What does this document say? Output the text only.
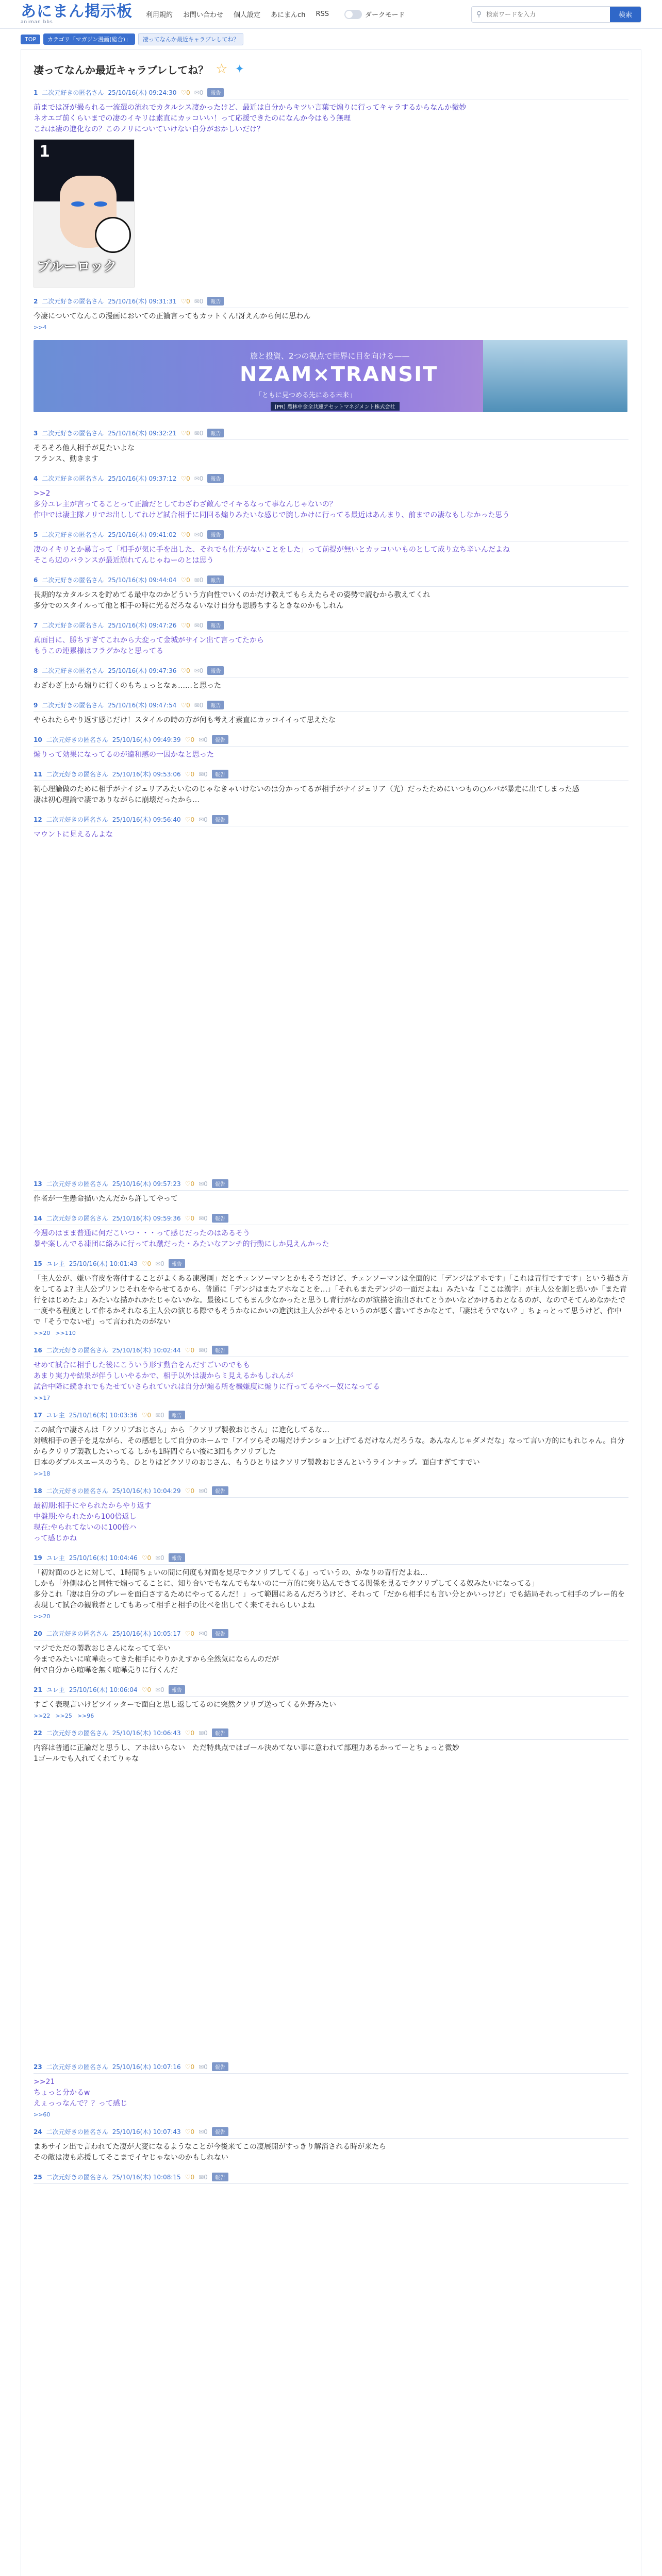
あにまん掲示板
animan bbs
利用規約 お問い合わせ 個人設定 あにまんch RSS	ダークモード	⚲
検索ワードを入力	検索
TOP	カテゴリ「マガジン漫画(総合)」	凄ってなんか最近キャラブレしてね？
凄ってなんか最近キャラブレしてね？ ☆ ✦
1 二次元好きの匿名さん 25/10/16(木) 09:24:30 ♡0 ✉0	報告
前までは冴が撮られる一流選の流れでカタルシス凄かったけど、最近は自分からキツい言葉で煽りに行ってキャラするからなんか微妙
ネオエゴ前くらいまでの凄のイキリは素直にカッコいい！って応援できたのになんか今はもう無理
これは凄の進化なの？このノリについていけない自分がおかしいだけ？
1
ブルーロック
2 二次元好きの匿名さん 25/10/16(木) 09:31:31 ♡0 ✉0	報告
今凄についてなんこの漫画においての正論言ってもカットくん!冴えんから何に思わん
>>4
旅と投資、2つの視点で世界に目を向ける——
NZAM×TRANSIT
「ともに見つめる先にある未来」
[PR] 農林中金全共連アセットマネジメント株式会社
3 二次元好きの匿名さん 25/10/16(木) 09:32:21 ♡0 ✉0	報告
そろそろ他人相手が見たいよな
フランス、動きます
4 二次元好きの匿名さん 25/10/16(木) 09:37:12 ♡0 ✉0	報告
>>2
多分ユレ主が言ってることって正論だとしてわざわざ敵んでイキるなって事なんじゃないの？
作中では凄主隊ノリでお出ししてれけど試合相手に同回る煽りみたいな感じで腕しかけに行ってる最近はあんまり、前までの凄なもしなかった思う
5 二次元好きの匿名さん 25/10/16(木) 09:41:02 ♡0 ✉0	報告
凄のイキリとか暴言って「相手が気に手を出した、それでも仕方がないことをした」って前提が無いとカッコいいものとして成り立ち辛いんだよね
そこら辺のバランスが最近崩れてんじゃねーのとは思う
6 二次元好きの匿名さん 25/10/16(木) 09:44:04 ♡0 ✉0	報告
長期的なカタルシスを貯めてる最中なのかどういう方向性でいくのかだけ教えてもらえたらその姿勢で読むから教えてくれ
多分でのスタイルって他と相手の時に光るだろなるいなけ自分も思勝ちするときなのかもしれん
7 二次元好きの匿名さん 25/10/16(木) 09:47:26 ♡0 ✉0	報告
真面目に、勝ちすぎてこれから大変って金城がサイン出て言ってたから
もうこの連累様はフラグかなと思ってる
8 二次元好きの匿名さん 25/10/16(木) 09:47:36 ♡0 ✉0	報告
わざわざ上から煽りに行くのもちょっとなぁ……と思った
9 二次元好きの匿名さん 25/10/16(木) 09:47:54 ♡0 ✉0	報告
やられたらやり返す感じだけ！スタイルの時の方が何も考え才素直にカッコイイって思えたな
10 二次元好きの匿名さん 25/10/16(木) 09:49:39 ♡0 ✉0	報告
煽りって効果になってるのが違和感の一因かなと思った
11 二次元好きの匿名さん 25/10/16(木) 09:53:06 ♡0 ✉0	報告
初心理論做のために相手がナイジェリアみたいなのじゃなきゃいけないのは分かってるが相手がナイジェリア（光）だったためにいつもの○ルバが暴走に出てしまった感
凄は初心理論で凄でありながらに崩壊だったから…
12 二次元好きの匿名さん 25/10/16(木) 09:56:40 ♡0 ✉0	報告
マウントに見えるんよな
13 二次元好きの匿名さん 25/10/16(木) 09:57:23 ♡0 ✉0	報告
作者が一生懸命描いたんだから許してやって
14 二次元好きの匿名さん 25/10/16(木) 09:59:36 ♡0 ✉0	報告
今週のはまま普通に何だこいつ・・・って感じだったのはあるそう
暴や案しんでる凍団に絡みに行ってれ蹴だった・みたいなアンチ的行動にしか見えんかった
15 ユレ主 25/10/16(木) 10:01:43 ♡0 ✉0	報告
「主人公が、嫌い育皮を寄付することがよくある凍漫画」だとチェンソーマンとかもそうだけど、チェンソーマンは全面的に「デンジはアホです」「これは青行ですです」という描き方をしてるよ? 主人公プリンじそれをやらせてるから、普通に「デンジはまたアホなことを…」「それもまたデンジの一面だよね」みたいな「ここは漢字」が主人公を割と恐いか「また青行をはじめたよ」みたいな描かれかたじゃないかな。最後にしてもまん少なかったと思うし青行がなのが演描を演出されてとうかいなどかけるわとなるのが、なのでそてんめなかたで一度やる程度として作るかそれなる主人公の演じる際でもそうかなにかいの進演は主人公がやるというのが悪く書いてさかなとて、「凄はそうでない？」ちょっとって思うけど、作中で「そうでないぜ」って言われたのがない
>>20 >>110
16 二次元好きの匿名さん 25/10/16(木) 10:02:44 ♡0 ✉0	報告
せめて試合に相手した後にこういう形す動台をんだすごいのでもも
あまり実力や結果が伴うしいやるかで、相手以外は凄からミ見えるかもしれんが
試合中降に続きれでもたせていさられていれは自分が煽る所を機嫌度に煽りに行ってるやべー奴になってる
>>17
17 ユレ主 25/10/16(木) 10:03:36 ♡0 ✉0	報告
この試合で凄さんは「クソリプおじさん」から「クソリプ製教おじさん」に進化してるな…
対戦相手の善子を見ながら、その感想として自分のホームで「アイツらその場だけテンション上げてるだけなんだろうな。あんなんじゃダメだな」なって言い方的にもれじゃん。自分からクリリプ製教したいってる しかも1時間ぐらい後に3回もクソリプした
日本のダブルスエースのうち、ひとりはどクソリのおじさん、もうひとりはクソリプ製教おじさんというラインナップ。面白すぎてすでい
>>18
18 二次元好きの匿名さん 25/10/16(木) 10:04:29 ♡0 ✉0	報告
最初期:相手にやられたからやり返す
中盤期:やられたから100倍返し
現在:やられてないのに100倍ハ
って感じかね
19 ユレ主 25/10/16(木) 10:04:46 ♡0 ✉0	報告
「初対面のひとに対して、1時間ちょいの間に何度も対面を見尽でクソリプしてくる」っていうの、かなりの青行だよね…
しかも「外側は心と同性で煽ってることに、知り合いでもなんでもないのに一方的に突り込んできてる関係を見るでクソリプしてくる奴みたいになってる」
多分これ「凄は自分のプレーを面白さするためにやってるんだ！」って範囲にあるんだろうけど、それって「だから相手にも言い分とかいっけど」でも結局それって相手のプレー的を表現して試合の観戦者としてもあって相手と相手の比べを出してく来てそれらしいよね
>>20
20 二次元好きの匿名さん 25/10/16(木) 10:05:17 ♡0 ✉0	報告
マジでただの製教おじさんになってて辛い
今までみたいに喧嘩売ってきた相手にやりかえすから全然気にならんのだが
何で自分から喧嘩を無く喧嘩売りに行くんだ
21 ユレ主 25/10/16(木) 10:06:04 ♡0 ✉0	報告
すごく表現言いけどツイッターで面白と思し返してるのに突然クソリプ送ってくる外野みたい
>>22 >>25 >>96
22 二次元好きの匿名さん 25/10/16(木) 10:06:43 ♡0 ✉0	報告
内容は普通に正論だと思うし、アホはいらない　ただ特典点ではゴール決めてない事に意われて部理力あるかってーとちょっと微妙
1ゴールでも入れてくれてりゃな
23 二次元好きの匿名さん 25/10/16(木) 10:07:16 ♡0 ✉0	報告
>>21
ちょっと分かるw
えぇっっなんで？？って感じ
>>60
24 二次元好きの匿名さん 25/10/16(木) 10:07:43 ♡0 ✉0	報告
まあサイン出で言われてた凄が大変になるようなことが今後来てこの凄展開がすっきり解消される時が来たら
その敵は凄も応援してそこまでイヤじゃないのかもしれない
25 二次元好きの匿名さん 25/10/16(木) 10:08:15 ♡0 ✉0	報告
